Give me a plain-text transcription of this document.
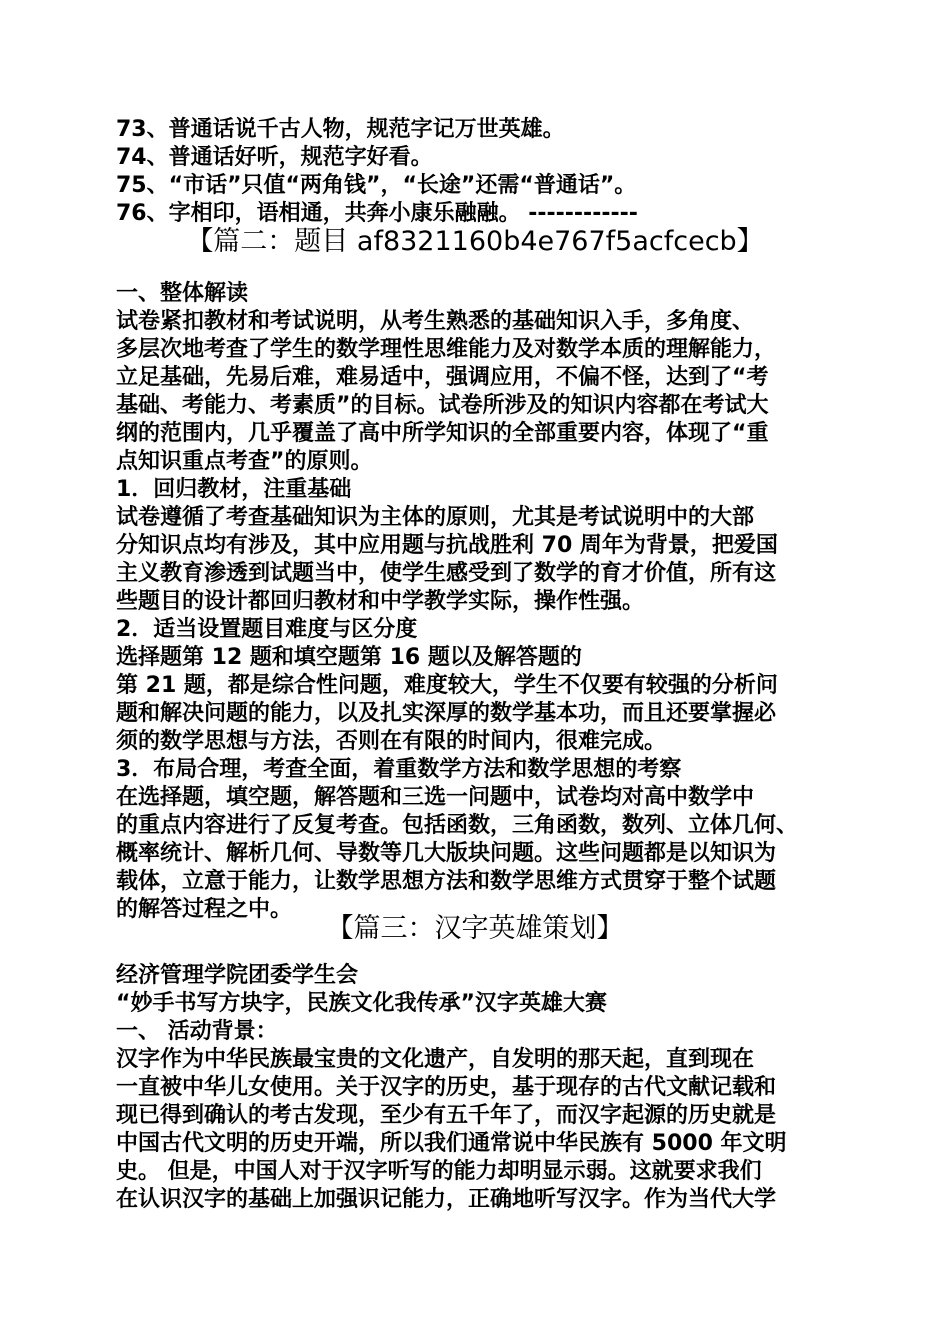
73、普通话说千古人物，规范字记万世英雄。
74、普通话好听，规范字好看。
75、“市话”只值“两角钱”，“长途”还需“普通话”。
76、字相印，语相通，共奔小康乐融融。 ------------
【篇二：题目 af8321160b4e767f5acfcecb】
一、整体解读
试卷紧扣教材和考试说明，从考生熟悉的基础知识入手，多角度、
多层次地考查了学生的数学理性思维能力及对数学本质的理解能力，
立足基础，先易后难，难易适中，强调应用，不偏不怪，达到了“考
基础、考能力、考素质”的目标。试卷所涉及的知识内容都在考试大
纲的范围内，几乎覆盖了高中所学知识的全部重要内容，体现了“重
点知识重点考查”的原则。
1．回归教材，注重基础
试卷遵循了考查基础知识为主体的原则，尤其是考试说明中的大部
分知识点均有涉及，其中应用题与抗战胜利 70 周年为背景，把爱国
主义教育渗透到试题当中，使学生感受到了数学的育才价值，所有这
些题目的设计都回归教材和中学教学实际，操作性强。
2．适当设置题目难度与区分度
选择题第 12 题和填空题第 16 题以及解答题的
第 21 题，都是综合性问题，难度较大，学生不仅要有较强的分析问
题和解决问题的能力，以及扎实深厚的数学基本功，而且还要掌握必
须的数学思想与方法，否则在有限的时间内，很难完成。
3．布局合理，考查全面，着重数学方法和数学思想的考察
在选择题，填空题，解答题和三选一问题中，试卷均对高中数学中
的重点内容进行了反复考查。包括函数，三角函数，数列、立体几何、
概率统计、解析几何、导数等几大版块问题。这些问题都是以知识为
载体，立意于能力，让数学思想方法和数学思维方式贯穿于整个试题
的解答过程之中。
【篇三：汉字英雄策划】
经济管理学院团委学生会
“妙手书写方块字，民族文化我传承”汉字英雄大赛
一、 活动背景：
汉字作为中华民族最宝贵的文化遗产，自发明的那天起，直到现在
一直被中华儿女使用。关于汉字的历史，基于现存的古代文献记载和
现已得到确认的考古发现，至少有五千年了，而汉字起源的历史就是
中国古代文明的历史开端，所以我们通常说中华民族有 5000 年文明
史。 但是，中国人对于汉字听写的能力却明显示弱。这就要求我们
在认识汉字的基础上加强识记能力，正确地听写汉字。作为当代大学
